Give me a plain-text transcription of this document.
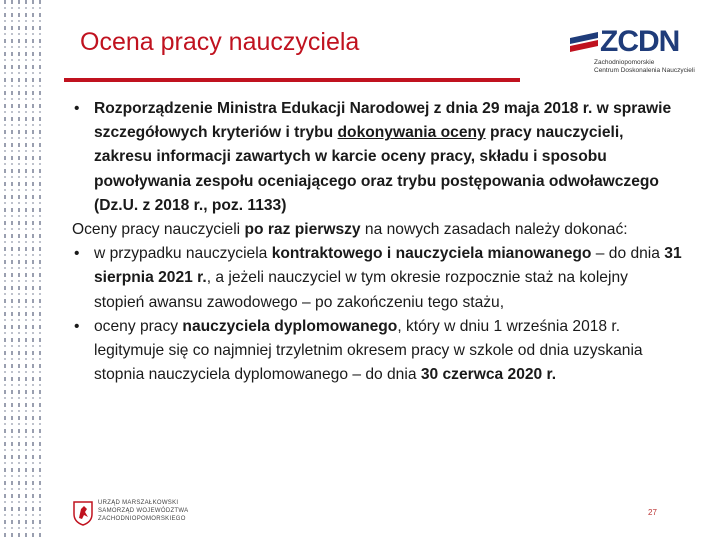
Ocena pracy nauczyciela	ZCDN
Zachodniopomorskie
Centrum Doskonalenia Nauczycieli
• Rozporządzenie Ministra Edukacji Narodowej z dnia 29 maja 2018 r. w sprawie szczegółowych kryteriów i trybu dokonywania oceny pracy nauczycieli, zakresu informacji zawartych w karcie oceny pracy, składu i sposobu powoływania zespołu oceniającego oraz trybu postępowania odwoławczego (Dz.U. z 2018 r., poz. 1133)

Oceny pracy nauczycieli po raz pierwszy na nowych zasadach należy dokonać:

• w przypadku nauczyciela kontraktowego i nauczyciela mianowanego – do dnia 31 sierpnia 2021 r., a jeżeli nauczyciel w tym okresie rozpocznie staż na kolejny stopień awansu zawodowego – po zakończeniu tego stażu,
• oceny pracy nauczyciela dyplomowanego, który w dniu 1 września 2018 r. legitymuje się co najmniej trzyletnim okresem pracy w szkole od dnia uzyskania stopnia nauczyciela dyplomowanego – do dnia 30 czerwca 2020 r.
URZĄD MARSZAŁKOWSKI
SAMORZĄD WOJEWÓDZTWA
ZACHODNIOPOMORSKIEGO
27
